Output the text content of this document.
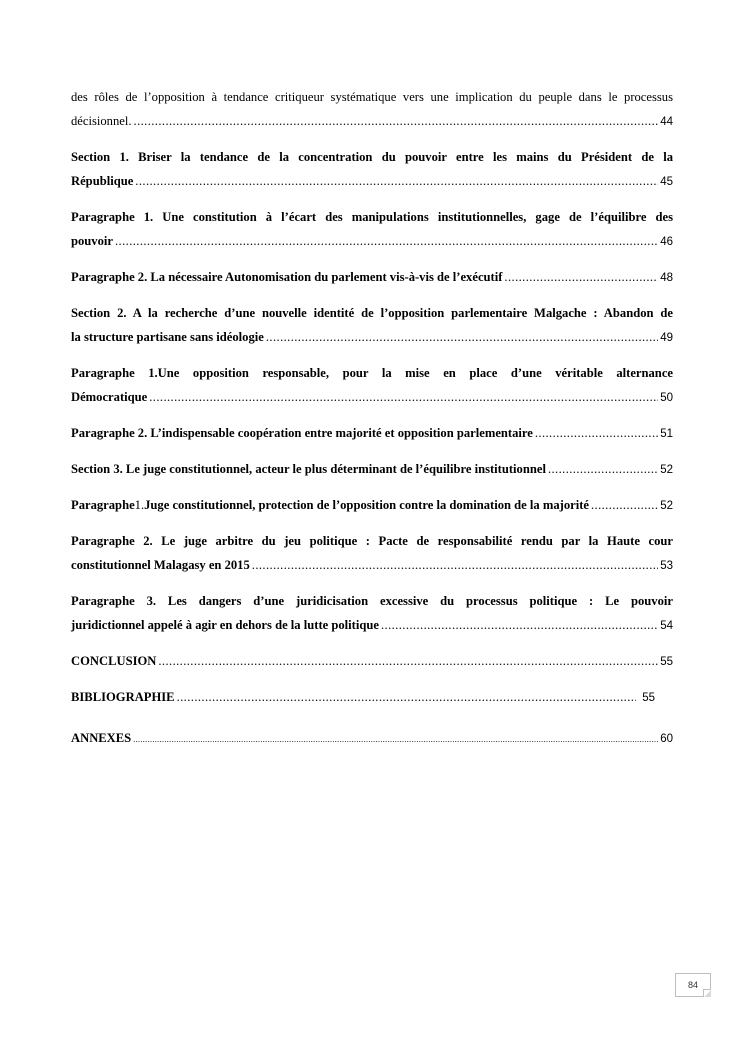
des rôles de l’opposition à tendance critiqueur systématique vers une implication du peuple dans le processus
décisionnel. .....	44
Section 1. Briser la tendance de la concentration du pouvoir entre les mains du Président de la
République .....	45
Paragraphe 1. Une constitution à l’écart des manipulations institutionnelles, gage de l’équilibre des
pouvoir .....	46
Paragraphe 2. La nécessaire Autonomisation du parlement vis-à-vis de l’exécutif .....	48
Section 2. A la recherche d’une nouvelle identité de l’opposition parlementaire Malgache : Abandon de
la structure partisane sans idéologie .....	49
Paragraphe 1.Une opposition responsable, pour la mise en place d’une véritable alternance
Démocratique .....	50
Paragraphe 2. L’indispensable coopération entre majorité et opposition parlementaire .....	51
Section 3. Le juge constitutionnel, acteur le plus déterminant de l’équilibre institutionnel .....	52
Paragraphe 1. Juge constitutionnel, protection de l’opposition contre la domination de la majorité .....	52
Paragraphe 2. Le juge arbitre du jeu politique : Pacte de responsabilité rendu par la Haute cour
constitutionnel Malagasy en 2015 .....	53
Paragraphe 3. Les dangers d’une juridicisation excessive du processus politique : Le pouvoir
juridictionnel appelé à agir en dehors de la lutte politique .....	54
CONCLUSION .....	55
BIBLIOGRAPHIE .....	55
ANNEXES .....	60
84
